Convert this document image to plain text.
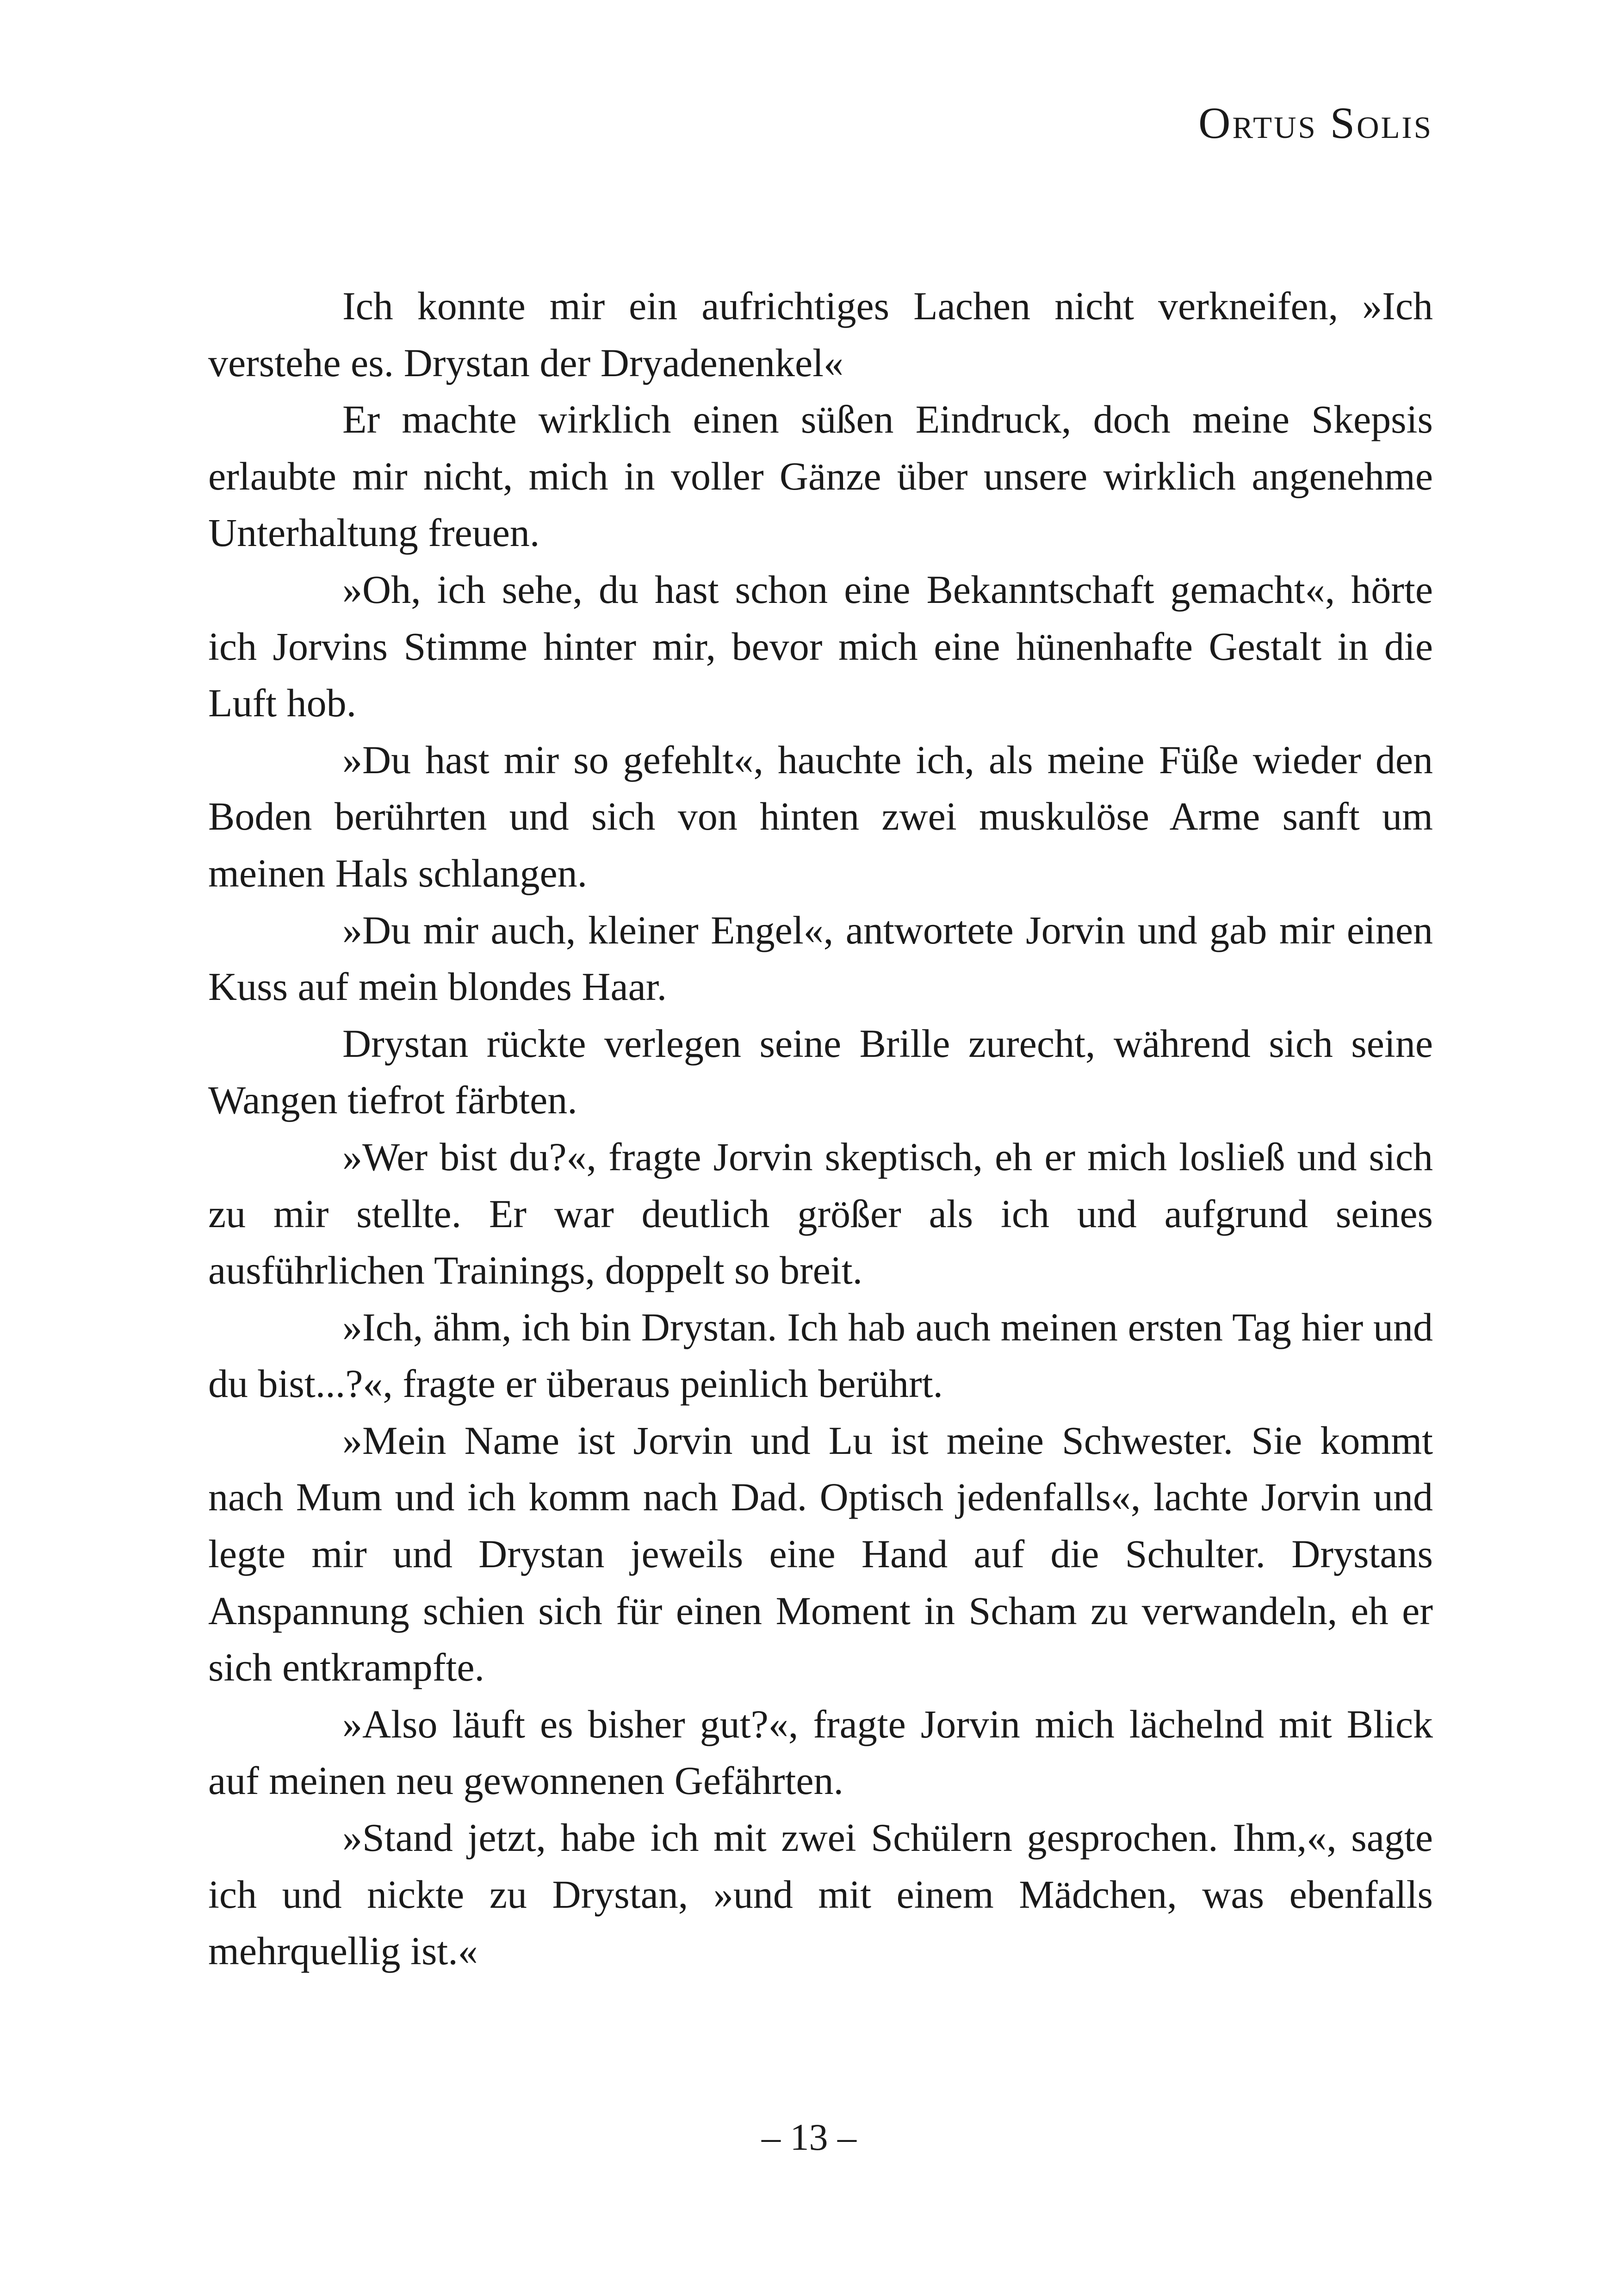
Ortus Solis

Ich konnte mir ein aufrichtiges Lachen nicht verkneifen, »Ich verstehe es. Drystan der Dryadenenkel«

Er machte wirklich einen süßen Eindruck, doch meine Skepsis erlaubte mir nicht, mich in voller Gänze über unsere wirklich angenehme Unterhaltung freuen.

»Oh, ich sehe, du hast schon eine Bekanntschaft gemacht«, hörte ich Jorvins Stimme hinter mir, bevor mich eine hünenhafte Gestalt in die Luft hob.

»Du hast mir so gefehlt«, hauchte ich, als meine Füße wieder den Boden berührten und sich von hinten zwei muskulöse Arme sanft um meinen Hals schlangen.

»Du mir auch, kleiner Engel«, antwortete Jorvin und gab mir einen Kuss auf mein blondes Haar.

Drystan rückte verlegen seine Brille zurecht, während sich seine Wangen tiefrot färbten.

»Wer bist du?«, fragte Jorvin skeptisch, eh er mich losließ und sich zu mir stellte. Er war deutlich größer als ich und aufgrund seines ausführlichen Trainings, doppelt so breit.

»Ich, ähm, ich bin Drystan. Ich hab auch meinen ersten Tag hier und du bist...?«, fragte er überaus peinlich berührt.

»Mein Name ist Jorvin und Lu ist meine Schwester. Sie kommt nach Mum und ich komm nach Dad. Optisch jedenfalls«, lachte Jorvin und legte mir und Drystan jeweils eine Hand auf die Schulter. Drystans Anspannung schien sich für einen Moment in Scham zu verwandeln, eh er sich entkrampfte.

»Also läuft es bisher gut?«, fragte Jorvin mich lächelnd mit Blick auf meinen neu gewonnenen Gefährten.

»Stand jetzt, habe ich mit zwei Schülern gesprochen. Ihm,«, sagte ich und nickte zu Drystan, »und mit einem Mädchen, was ebenfalls mehrquellig ist.«

– 13 –
